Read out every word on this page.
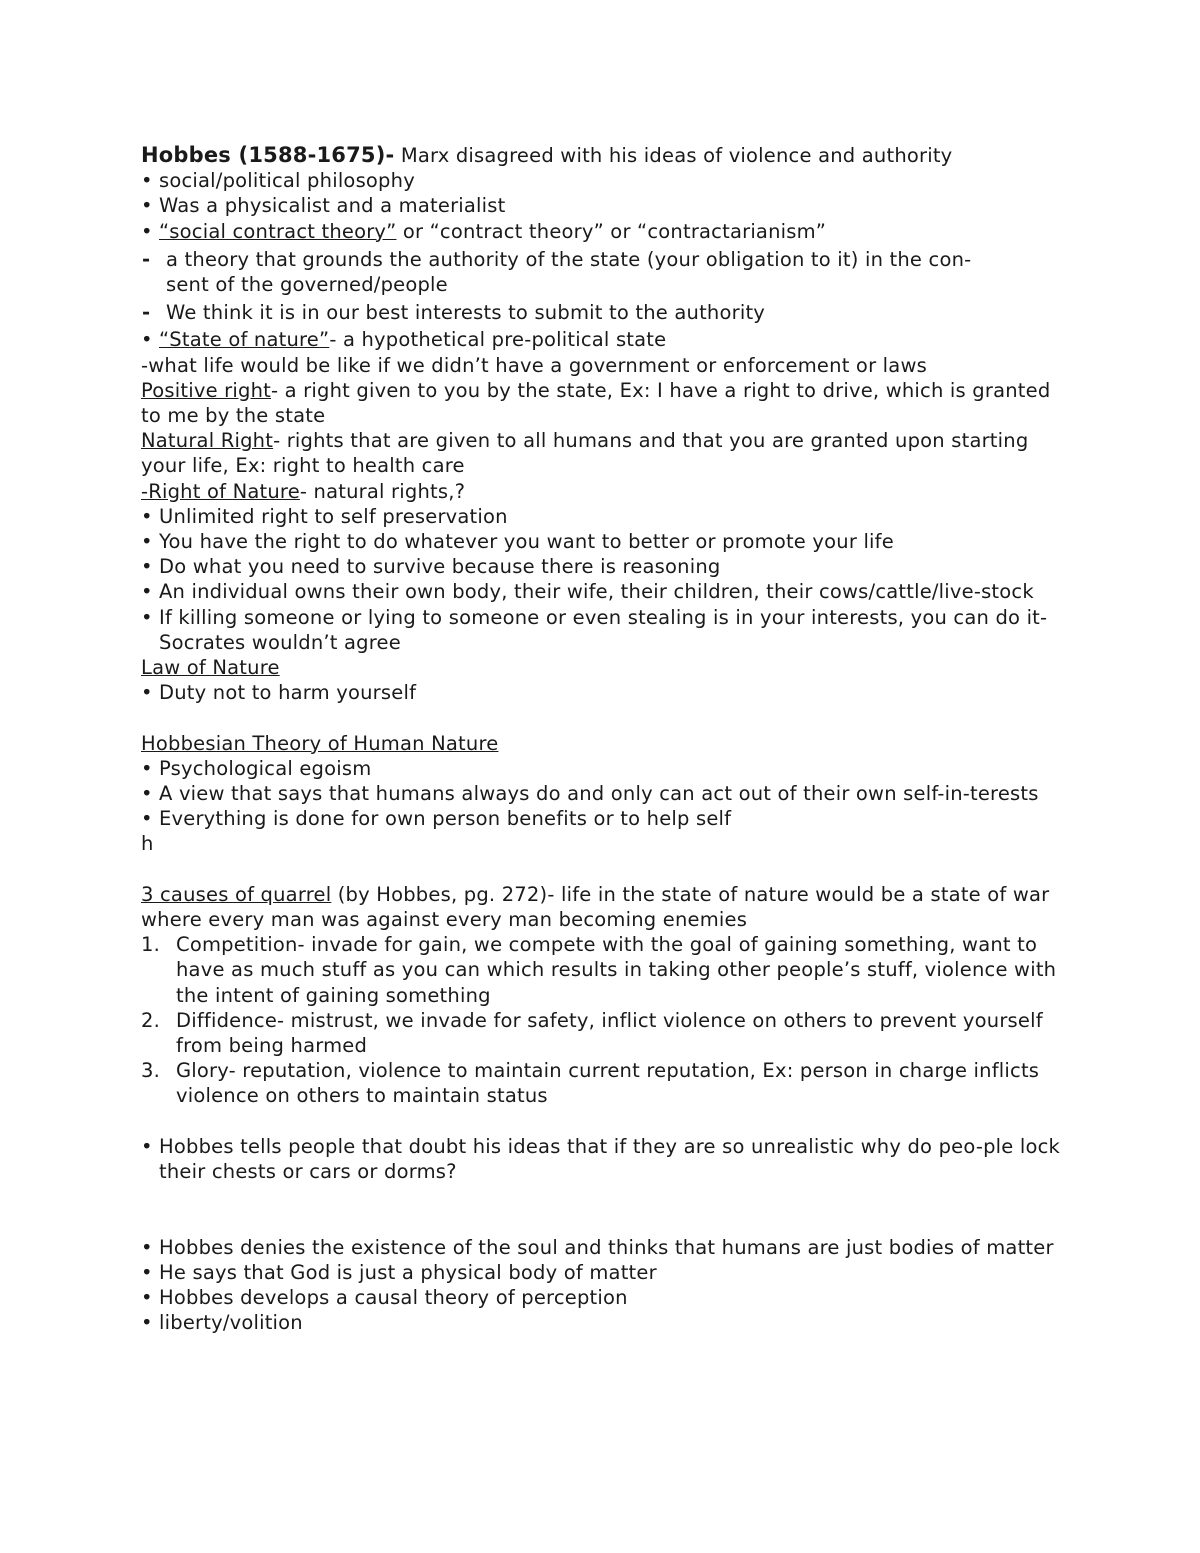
Hobbes (1588-1675)- Marx disagreed with his ideas of violence and authority
• social/political philosophy
• Was a physicalist and a materialist
• “social contract theory” or “contract theory” or “contractarianism”
- a theory that grounds the authority of the state (your obligation to it) in the con-
sent of the governed/people
- We think it is in our best interests to submit to the authority
• “State of nature”- a hypothetical pre-political state
-what life would be like if we didn’t have a government or enforcement or laws
Positive right- a right given to you by the state, Ex: I have a right to drive, which is granted to me by the state
Natural Right- rights that are given to all humans and that you are granted upon starting your life, Ex: right to health care
-Right of Nature- natural rights,?
• Unlimited right to self preservation
• You have the right to do whatever you want to better or promote your life
• Do what you need to survive because there is reasoning
• An individual owns their own body, their wife, their children, their cows/cattle/live-stock
• If killing someone or lying to someone or even stealing is in your interests, you can do it- Socrates wouldn’t agree
Law of Nature
• Duty not to harm yourself
Hobbesian Theory of Human Nature
• Psychological egoism
• A view that says that humans always do and only can act out of their own self-in-terests
• Everything is done for own person benefits or to help self
h
3 causes of quarrel (by Hobbes, pg. 272)- life in the state of nature would be a state of war where every man was against every man becoming enemies
1. Competition- invade for gain, we compete with the goal of gaining something, want to have as much stuff as you can which results in taking other people’s stuff, violence with the intent of gaining something
2. Diffidence- mistrust, we invade for safety, inflict violence on others to prevent yourself from being harmed
3. Glory- reputation, violence to maintain current reputation, Ex: person in charge inflicts violence on others to maintain status
• Hobbes tells people that doubt his ideas that if they are so unrealistic why do peo-ple lock their chests or cars or dorms?
• Hobbes denies the existence of the soul and thinks that humans are just bodies of matter
• He says that God is just a physical body of matter
• Hobbes develops a causal theory of perception
• liberty/volition
